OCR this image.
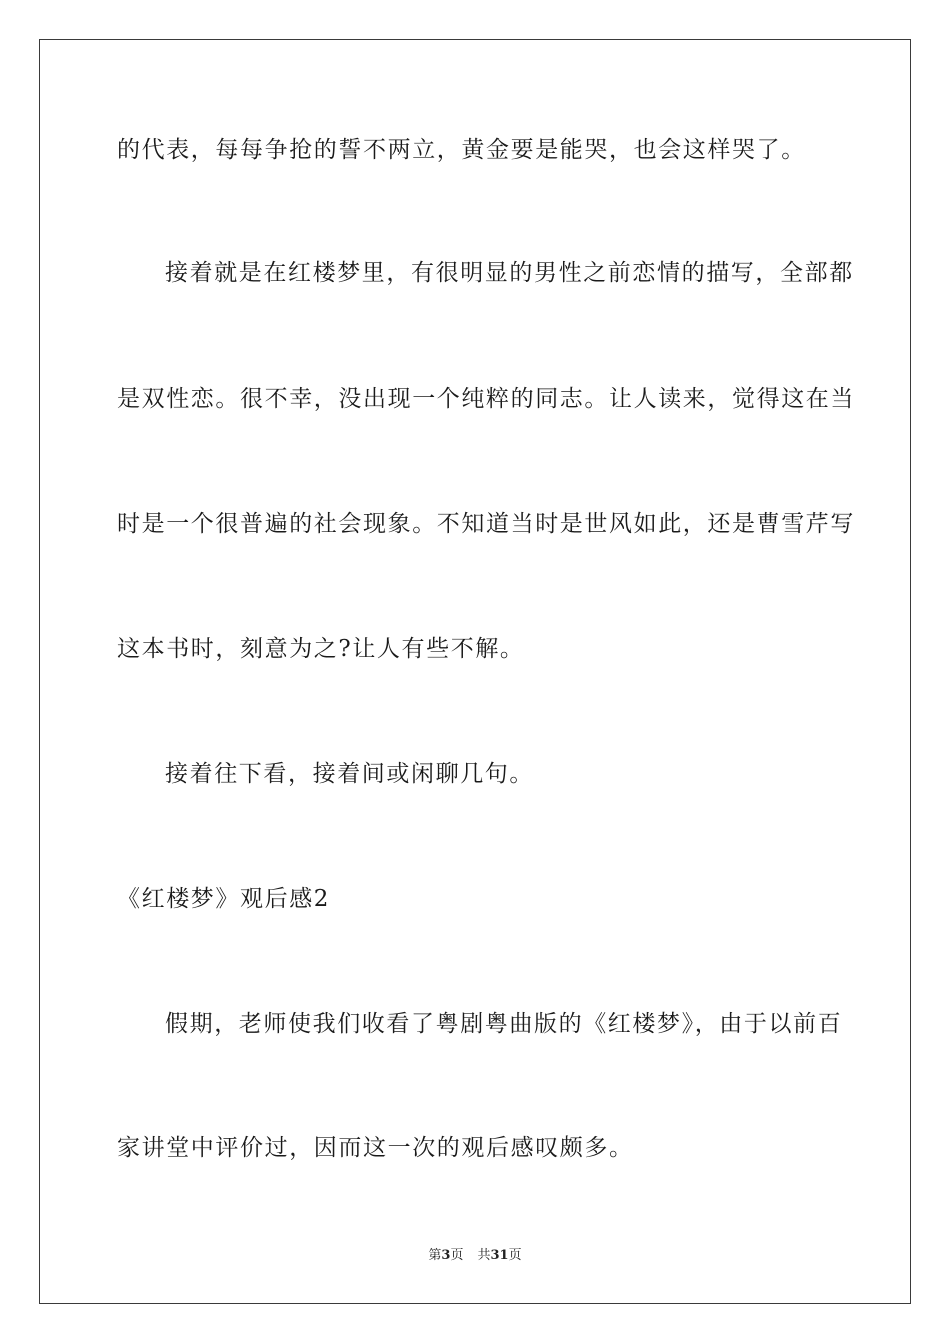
的代表，每每争抢的誓不两立，黄金要是能哭，也会这样哭了。
接着就是在红楼梦里，有很明显的男性之前恋情的描写，全部都
是双性恋。很不幸，没出现一个纯粹的同志。让人读来，觉得这在当
时是一个很普遍的社会现象。不知道当时是世风如此，还是曹雪芹写
这本书时，刻意为之?让人有些不解。
接着往下看，接着间或闲聊几句。
《红楼梦》观后感2
假期，老师使我们收看了粤剧粤曲版的《红楼梦》，由于以前百
家讲堂中评价过，因而这一次的观后感叹颇多。
第3页 共31页
